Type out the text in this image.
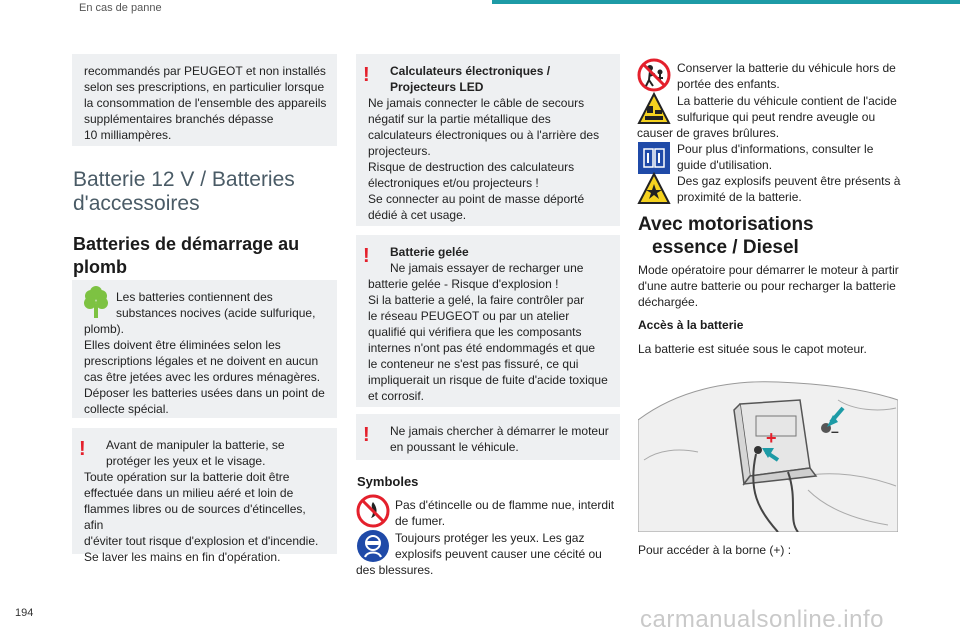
En cas de panne
194	carmanualsonline.info

recommandés par PEUGEOT et non installés

selon ses prescriptions, en particulier lorsque

la consommation de l'ensemble des appareils

supplémentaires branchés dépasse

10 milliampères.

Batterie 12 V / Batteries
d'accessoires
Batteries de démarrage au
plomb

Les batteries contiennent des

substances nocives (acide sulfurique,

plomb).

Elles doivent être éliminées selon les

prescriptions légales et ne doivent en aucun

cas être jetées avec les ordures ménagères.

Déposer les batteries usées dans un point de

collecte spécial.

!	Avant de manipuler la batterie, se

protéger les yeux et le visage.

Toute opération sur la batterie doit être

effectuée dans un milieu aéré et loin de

flammes libres ou de sources d'étincelles, afin

d'éviter tout risque d'explosion et d'incendie.

Se laver les mains en fin d'opération.

!	Calculateurs électroniques /

Projecteurs LED

Ne jamais connecter le câble de secours

négatif sur la partie métallique des

calculateurs électroniques ou à l'arrière des

projecteurs.

Risque de destruction des calculateurs

électroniques et/ou projecteurs !

Se connecter au point de masse déporté

dédié à cet usage.

!	Batterie gelée

Ne jamais essayer de recharger une

batterie gelée - Risque d'explosion !

Si la batterie a gelé, la faire contrôler par

le réseau PEUGEOT ou par un atelier

qualifié qui vérifiera que les composants

internes n'ont pas été endommagés et que

le conteneur ne s'est pas fissuré, ce qui

impliquerait un risque de fuite d'acide toxique

et corrosif.

!	Ne jamais chercher à démarrer le moteur

en poussant le véhicule.

Symboles
Pas d'étincelle ou de flamme nue, interdit
de fumer.
Toujours protéger les yeux. Les gaz
explosifs peuvent causer une cécité ou
des blessures.
Conserver la batterie du véhicule hors de
portée des enfants.
La batterie du véhicule contient de l'acide
sulfurique qui peut rendre aveugle ou
causer de graves brûlures.
Pour plus d'informations, consulter le
guide d'utilisation.
Des gaz explosifs peuvent être présents à
proximité de la batterie.
Avec motorisations
essence / Diesel
Mode opératoire pour démarrer le moteur à partir
d'une autre batterie ou pour recharger la batterie
déchargée.
Accès à la batterie
La batterie est située sous le capot moteur.
+	–
Pour accéder à la borne (+) :
